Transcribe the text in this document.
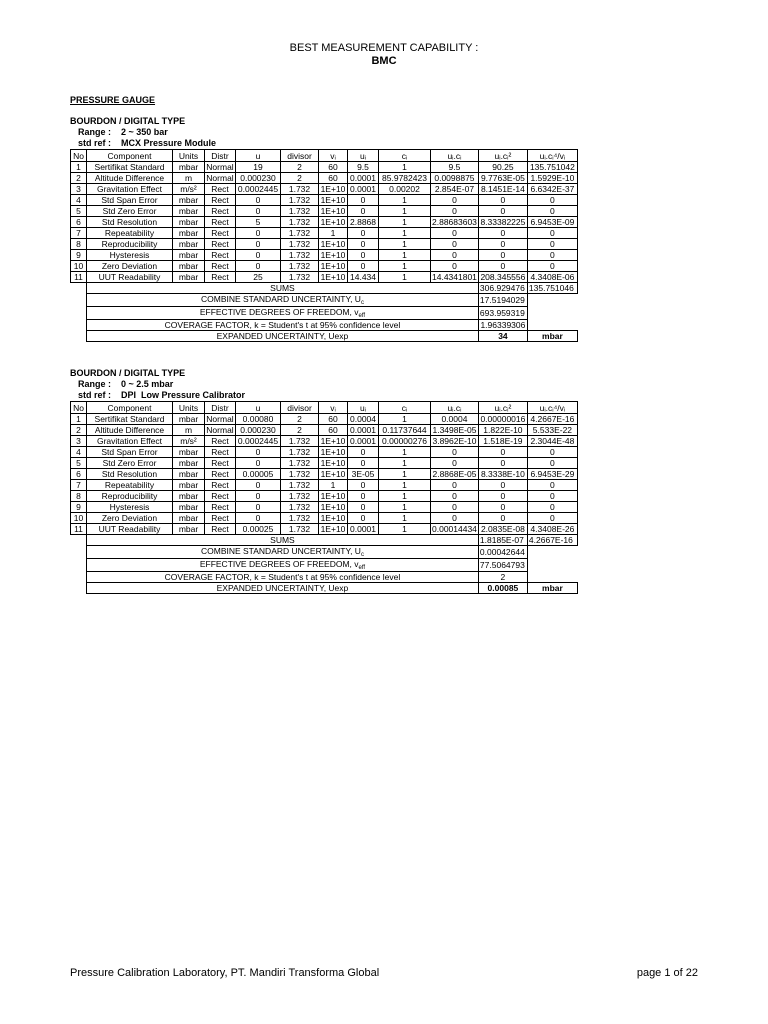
BEST MEASUREMENT CAPABILITY :
BMC
PRESSURE GAUGE
BOURDON / DIGITAL TYPE
Range :    2 ~ 350 bar
std ref :    MCX Pressure Module
No	Component	Units	Distr	u	divisor	vᵢ	uᵢ	cᵢ	uᵢ.cᵢ	uᵢ.cᵢ²	uᵢ.cᵢ⁴/vᵢ
1	Sertifikat Standard	mbar	Normal	19	2	60	9.5	1	9.5	90.25	135.751042
2	Altitude Difference	m	Normal	0.000230	2	60	0.0001	85.9782423	0.0098875	9.7763E-05	1.5929E-10
3	Gravitation Effect	m/s²	Rect	0.0002445	1.732	1E+10	0.0001	0.00202	2.854E-07	8.1451E-14	6.6342E-37
4	Std Span Error	mbar	Rect	0	1.732	1E+10	0	1	0	0	0
5	Std Zero Error	mbar	Rect	0	1.732	1E+10	0	1	0	0	0
6	Std Resolution	mbar	Rect	5	1.732	1E+10	2.8868	1	2.88683603	8.33382225	6.9453E-09
7	Repeatability	mbar	Rect	0	1.732	1	0	1	0	0	0
8	Reproducibility	mbar	Rect	0	1.732	1E+10	0	1	0	0	0
9	Hysteresis	mbar	Rect	0	1.732	1E+10	0	1	0	0	0
10	Zero Deviation	mbar	Rect	0	1.732	1E+10	0	1	0	0	0
11	UUT Readability	mbar	Rect	25	1.732	1E+10	14.434	1	14.4341801	208.345556	4.3408E-06
	SUMS									306.929476	135.751046
	COMBINE STANDARD UNCERTAINTY, $U_c$									17.5194029	
	EFFECTIVE DEGREES OF FREEDOM, $v_{eff}$									693.959319	
	COVERAGE FACTOR, k = Student's t at 95% confidence level									1.96339306	
	EXPANDED UNCERTAINTY, Uexp									34	mbar
BOURDON / DIGITAL TYPE
Range :    0 ~ 2.5 mbar
std ref :    DPI  Low Pressure Calibrator
No	Component	Units	Distr	u	divisor	vᵢ	uᵢ	cᵢ	uᵢ.cᵢ	uᵢ.cᵢ²	uᵢ.cᵢ⁴/vᵢ
1	Sertifikat Standard	mbar	Normal	0.00080	2	60	0.0004	1	0.0004	0.00000016	4.2667E-16
2	Altitude Difference	m	Normal	0.000230	2	60	0.0001	0.11737644	1.3498E-05	1.822E-10	5.533E-22
3	Gravitation Effect	m/s²	Rect	0.0002445	1.732	1E+10	0.0001	0.00000276	3.8962E-10	1.518E-19	2.3044E-48
4	Std Span Error	mbar	Rect	0	1.732	1E+10	0	1	0	0	0
5	Std Zero Error	mbar	Rect	0	1.732	1E+10	0	1	0	0	0
6	Std Resolution	mbar	Rect	0.00005	1.732	1E+10	3E-05	1	2.8868E-05	8.3338E-10	6.9453E-29
7	Repeatability	mbar	Rect	0	1.732	1	0	1	0	0	0
8	Reproducibility	mbar	Rect	0	1.732	1E+10	0	1	0	0	0
9	Hysteresis	mbar	Rect	0	1.732	1E+10	0	1	0	0	0
10	Zero Deviation	mbar	Rect	0	1.732	1E+10	0	1	0	0	0
11	UUT Readability	mbar	Rect	0.00025	1.732	1E+10	0.0001	1	0.00014434	2.0835E-08	4.3408E-26
	SUMS									1.8185E-07	4.2667E-16
	COMBINE STANDARD UNCERTAINTY, $U_c$									0.00042644	
	EFFECTIVE DEGREES OF FREEDOM, $v_{eff}$									77.5064793	
	COVERAGE FACTOR, k = Student's t at 95% confidence level									2	
	EXPANDED UNCERTAINTY, Uexp									0.00085	mbar
Pressure Calibration Laboratory, PT. Mandiri Transforma Global	page 1 of 22
